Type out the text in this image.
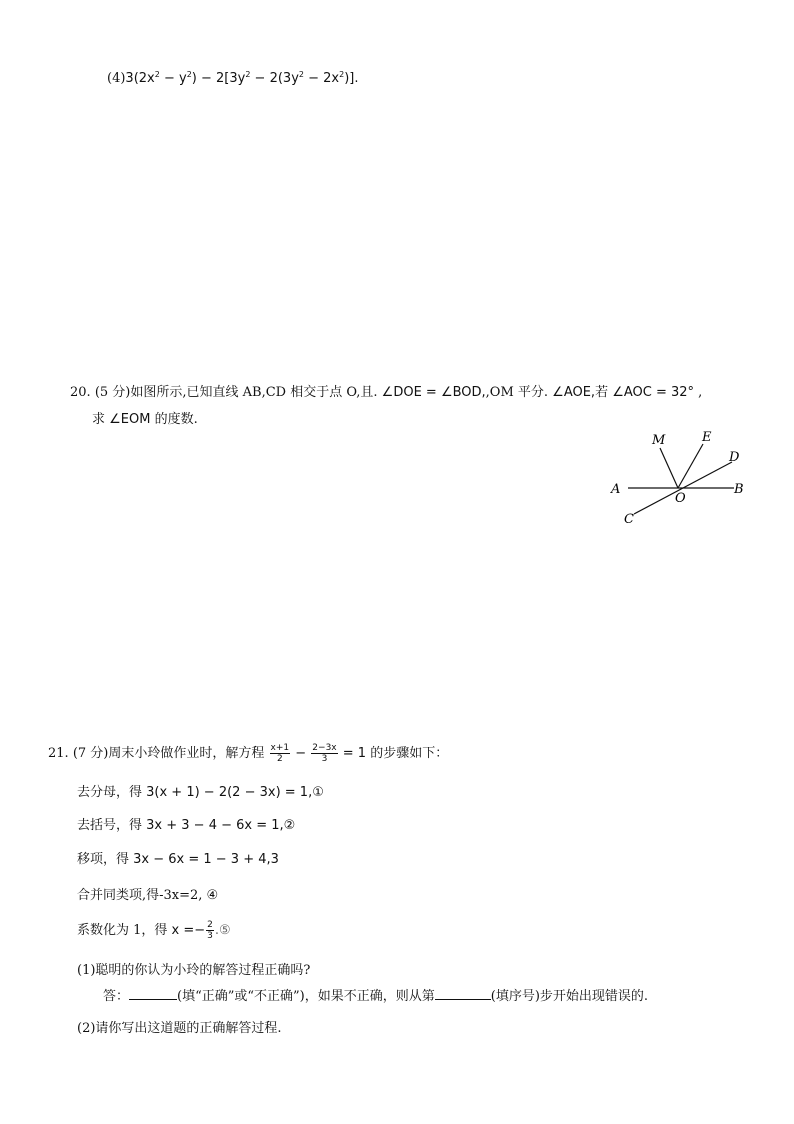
$(4)3(2x^2 - y^2) - 2[3y^2 - 2(3y^2 - 2x^2)]$.
20. (5 分)如图所示,已知直线 AB,CD 相交于点 O,且. ∠DOE = ∠BOD,,OM 平分. ∠AOE,若 ∠AOC = 32° ,
求 ∠EOM 的度数.
M	E
D
A
O
B
C
21. (7 分)周末小玲做作业时，解方程 $\frac{x+1}{2} - \frac{2-3x}{3} = 1$ 的步骤如下：
去分母，得 3(x + 1) − 2(2 − 3x) = 1,①
去括号，得 3x + 3 − 4 − 6x = 1,②
移项，得 3x − 6x = 1 − 3 + 4,3
合并同类项,得-3x=2, ④
系数化为 1，得 $x =- \frac{2}{3}$ .⑤
(1)聪明的你认为小玲的解答过程正确吗?
答：	(填“正确”或“不正确”)，如果不正确，则从第	(填序号)步开始出现错误的.
(2)请你写出这道题的正确解答过程.
